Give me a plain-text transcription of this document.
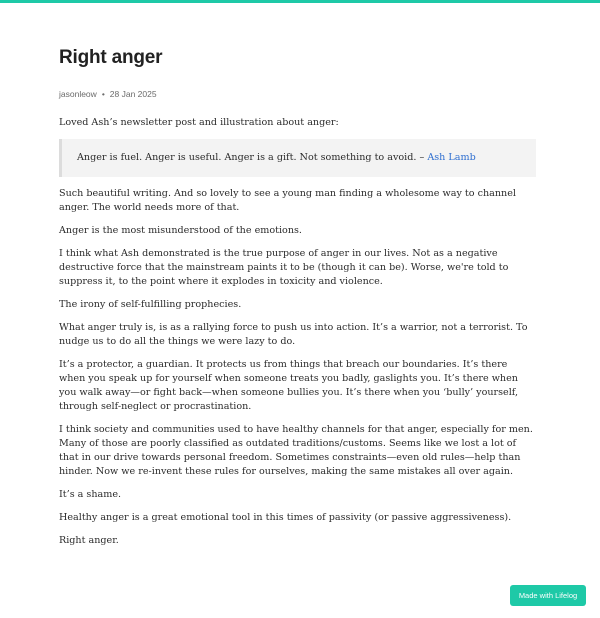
Right anger
jasonleow • 28 Jan 2025

Loved Ash’s newsletter post and illustration about anger:

Anger is fuel. Anger is useful. Anger is a gift. Not something to avoid. – Ash Lamb

Such beautiful writing. And so lovely to see a young man finding a wholesome way to channel anger. The world needs more of that.

Anger is the most misunderstood of the emotions.

I think what Ash demonstrated is the true purpose of anger in our lives. Not as a negative destructive force that the mainstream paints it to be (though it can be). Worse, we're told to suppress it, to the point where it explodes in toxicity and violence.

The irony of self-fulfilling prophecies.

What anger truly is, is as a rallying force to push us into action. It’s a warrior, not a terrorist. To nudge us to do all the things we were lazy to do.

It’s a protector, a guardian. It protects us from things that breach our boundaries. It’s there when you speak up for yourself when someone treats you badly, gaslights you. It’s there when you walk away—or fight back—when someone bullies you. It’s there when you ‘bully’ yourself, through self-neglect or procrastination.

I think society and communities used to have healthy channels for that anger, especially for men. Many of those are poorly classified as outdated traditions/customs. Seems like we lost a lot of that in our drive towards personal freedom. Sometimes constraints—even old rules—help than hinder. Now we re-invent these rules for ourselves, making the same mistakes all over again.

It’s a shame.

Healthy anger is a great emotional tool in this times of passivity (or passive aggressiveness).

Right anger.

Made with Lifelog
